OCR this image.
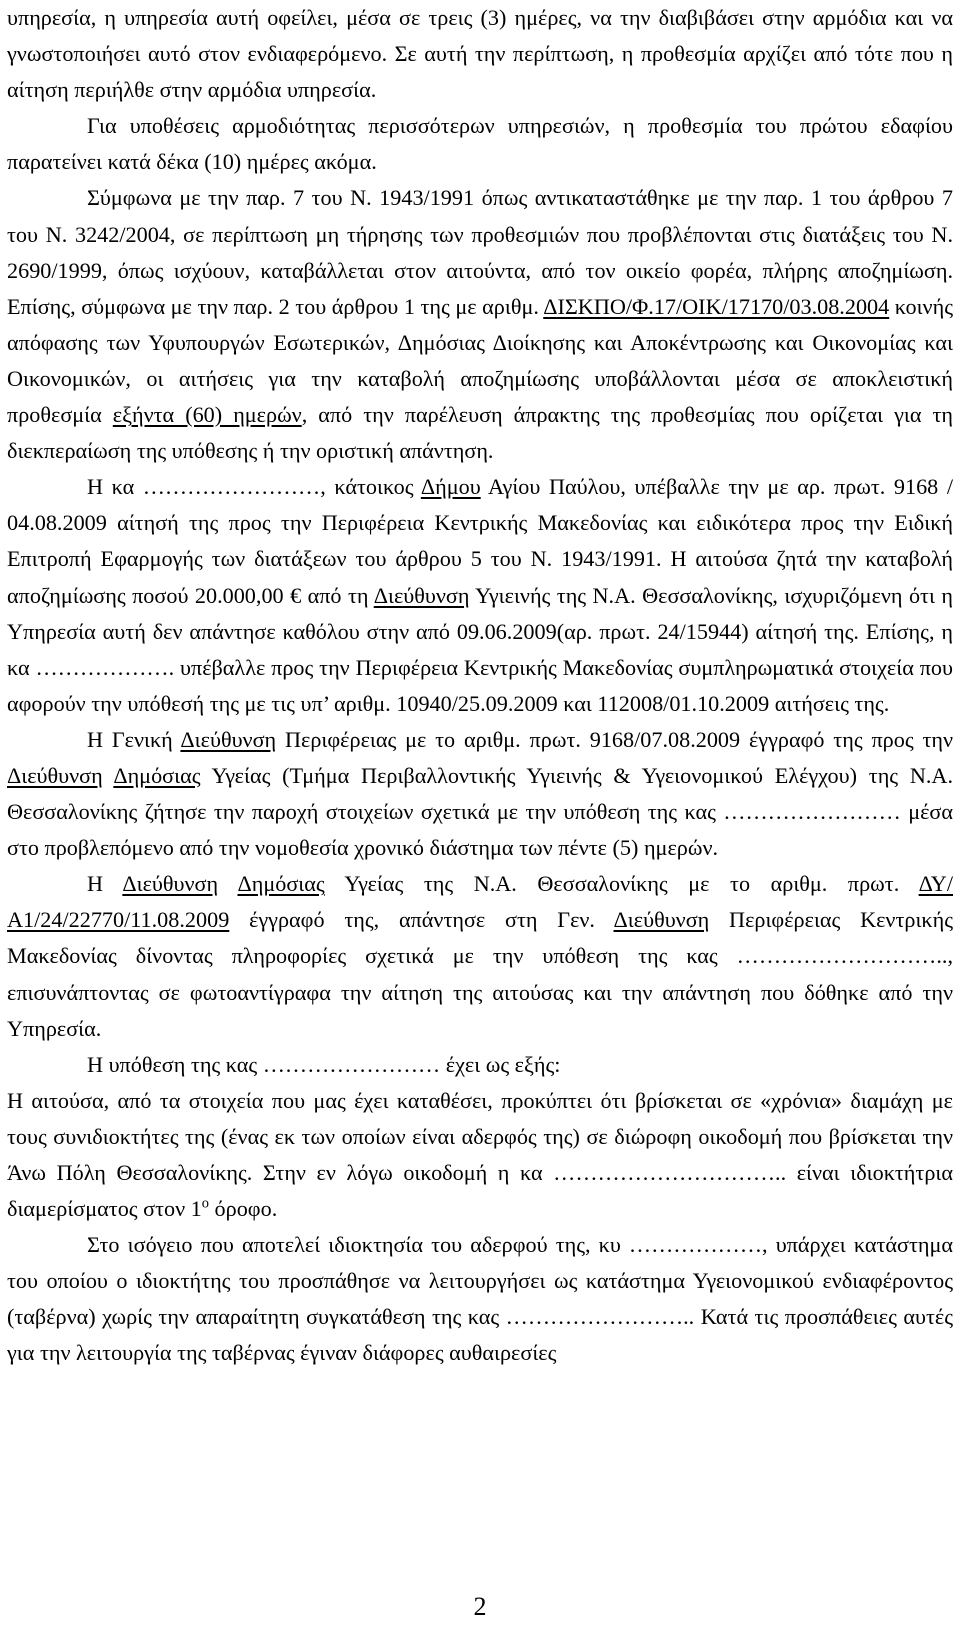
υπηρεσία, η υπηρεσία αυτή οφείλει, μέσα σε τρεις (3) ημέρες, να την διαβιβάσει στην αρμόδια και να γνωστοποιήσει αυτό στον ενδιαφερόμενο. Σε αυτή την περίπτωση, η προθεσμία αρχίζει από τότε που η αίτηση περιήλθε στην αρμόδια υπηρεσία.

Για υποθέσεις αρμοδιότητας περισσότερων υπηρεσιών, η προθεσμία του πρώτου εδαφίου παρατείνει κατά δέκα (10) ημέρες ακόμα.

Σύμφωνα με την παρ. 7 του Ν. 1943/1991 όπως αντικαταστάθηκε με την παρ. 1 του άρθρου 7 του Ν. 3242/2004, σε περίπτωση μη τήρησης των προθεσμιών που προβλέπονται στις διατάξεις του Ν. 2690/1999, όπως ισχύουν, καταβάλλεται στον αιτούντα, από τον οικείο φορέα, πλήρης αποζημίωση. Επίσης, σύμφωνα με την παρ. 2 του άρθρου 1 της με αριθμ. ΔΙΣΚΠΟ/Φ.17/ΟΙΚ/17170/03.08.2004 κοινής απόφασης των Υφυπουργών Εσωτερικών, Δημόσιας Διοίκησης και Αποκέντρωσης και Οικονομίας και Οικονομικών, οι αιτήσεις για την καταβολή αποζημίωσης υποβάλλονται μέσα σε αποκλειστική προθεσμία εξήντα (60) ημερών, από την παρέλευση άπρακτης της προθεσμίας που ορίζεται για τη διεκπεραίωση της υπόθεσης ή την οριστική απάντηση.

Η κα ……………………, κάτοικος Δήμου Αγίου Παύλου, υπέβαλλε την με αρ. πρωτ. 9168 / 04.08.2009 αίτησή της προς την Περιφέρεια Κεντρικής Μακεδονίας και ειδικότερα προς την Ειδική Επιτροπή Εφαρμογής των διατάξεων του άρθρου 5 του Ν. 1943/1991. Η αιτούσα ζητά την καταβολή αποζημίωσης ποσού 20.000,00 € από τη Διεύθυνση Υγιεινής της Ν.Α. Θεσσαλονίκης, ισχυριζόμενη ότι η Υπηρεσία αυτή δεν απάντησε καθόλου στην από 09.06.2009(αρ. πρωτ. 24/15944) αίτησή της. Επίσης, η κα ………………. υπέβαλλε προς την Περιφέρεια Κεντρικής Μακεδονίας συμπληρωματικά στοιχεία που αφορούν την υπόθεσή της με τις υπ’ αριθμ. 10940/25.09.2009 και 112008/01.10.2009 αιτήσεις της.

Η Γενική Διεύθυνση Περιφέρειας με το αριθμ. πρωτ. 9168/07.08.2009 έγγραφό της προς την Διεύθυνση Δημόσιας Υγείας (Τμήμα Περιβαλλοντικής Υγιεινής & Υγειονομικού Ελέγχου) της Ν.Α. Θεσσαλονίκης ζήτησε την παροχή στοιχείων σχετικά με την υπόθεση της κας …………………… μέσα στο προβλεπόμενο από την νομοθεσία χρονικό διάστημα των πέντε (5) ημερών.

Η Διεύθυνση Δημόσιας Υγείας της Ν.Α. Θεσσαλονίκης με το αριθμ. πρωτ. ΔΥ/Α1/24/22770/11.08.2009 έγγραφό της, απάντησε στη Γεν. Διεύθυνση Περιφέρειας Κεντρικής Μακεδονίας δίνοντας πληροφορίες σχετικά με την υπόθεση της κας ……………………….., επισυνάπτοντας σε φωτοαντίγραφα την αίτηση της αιτούσας και την απάντηση που δόθηκε από την Υπηρεσία.

Η υπόθεση της κας …………………… έχει ως εξής:

Η αιτούσα, από τα στοιχεία που μας έχει καταθέσει, προκύπτει ότι βρίσκεται σε «χρόνια» διαμάχη με τους συνιδιοκτήτες της (ένας εκ των οποίων είναι αδερφός της) σε διώροφη οικοδομή που βρίσκεται την Άνω Πόλη Θεσσαλονίκης. Στην εν λόγω οικοδομή η κα ………………………….. είναι ιδιοκτήτρια διαμερίσματος στον $1^o$ όροφο.

Στο ισόγειο που αποτελεί ιδιοκτησία του αδερφού της, κυ ………………, υπάρχει κατάστημα του οποίου ο ιδιοκτήτης του προσπάθησε να λειτουργήσει ως κατάστημα Υγειονομικού ενδιαφέροντος (ταβέρνα) χωρίς την απαραίτητη συγκατάθεση της κας …………………….. Κατά τις προσπάθειες αυτές για την λειτουργία της ταβέρνας έγιναν διάφορες αυθαιρεσίες

2
